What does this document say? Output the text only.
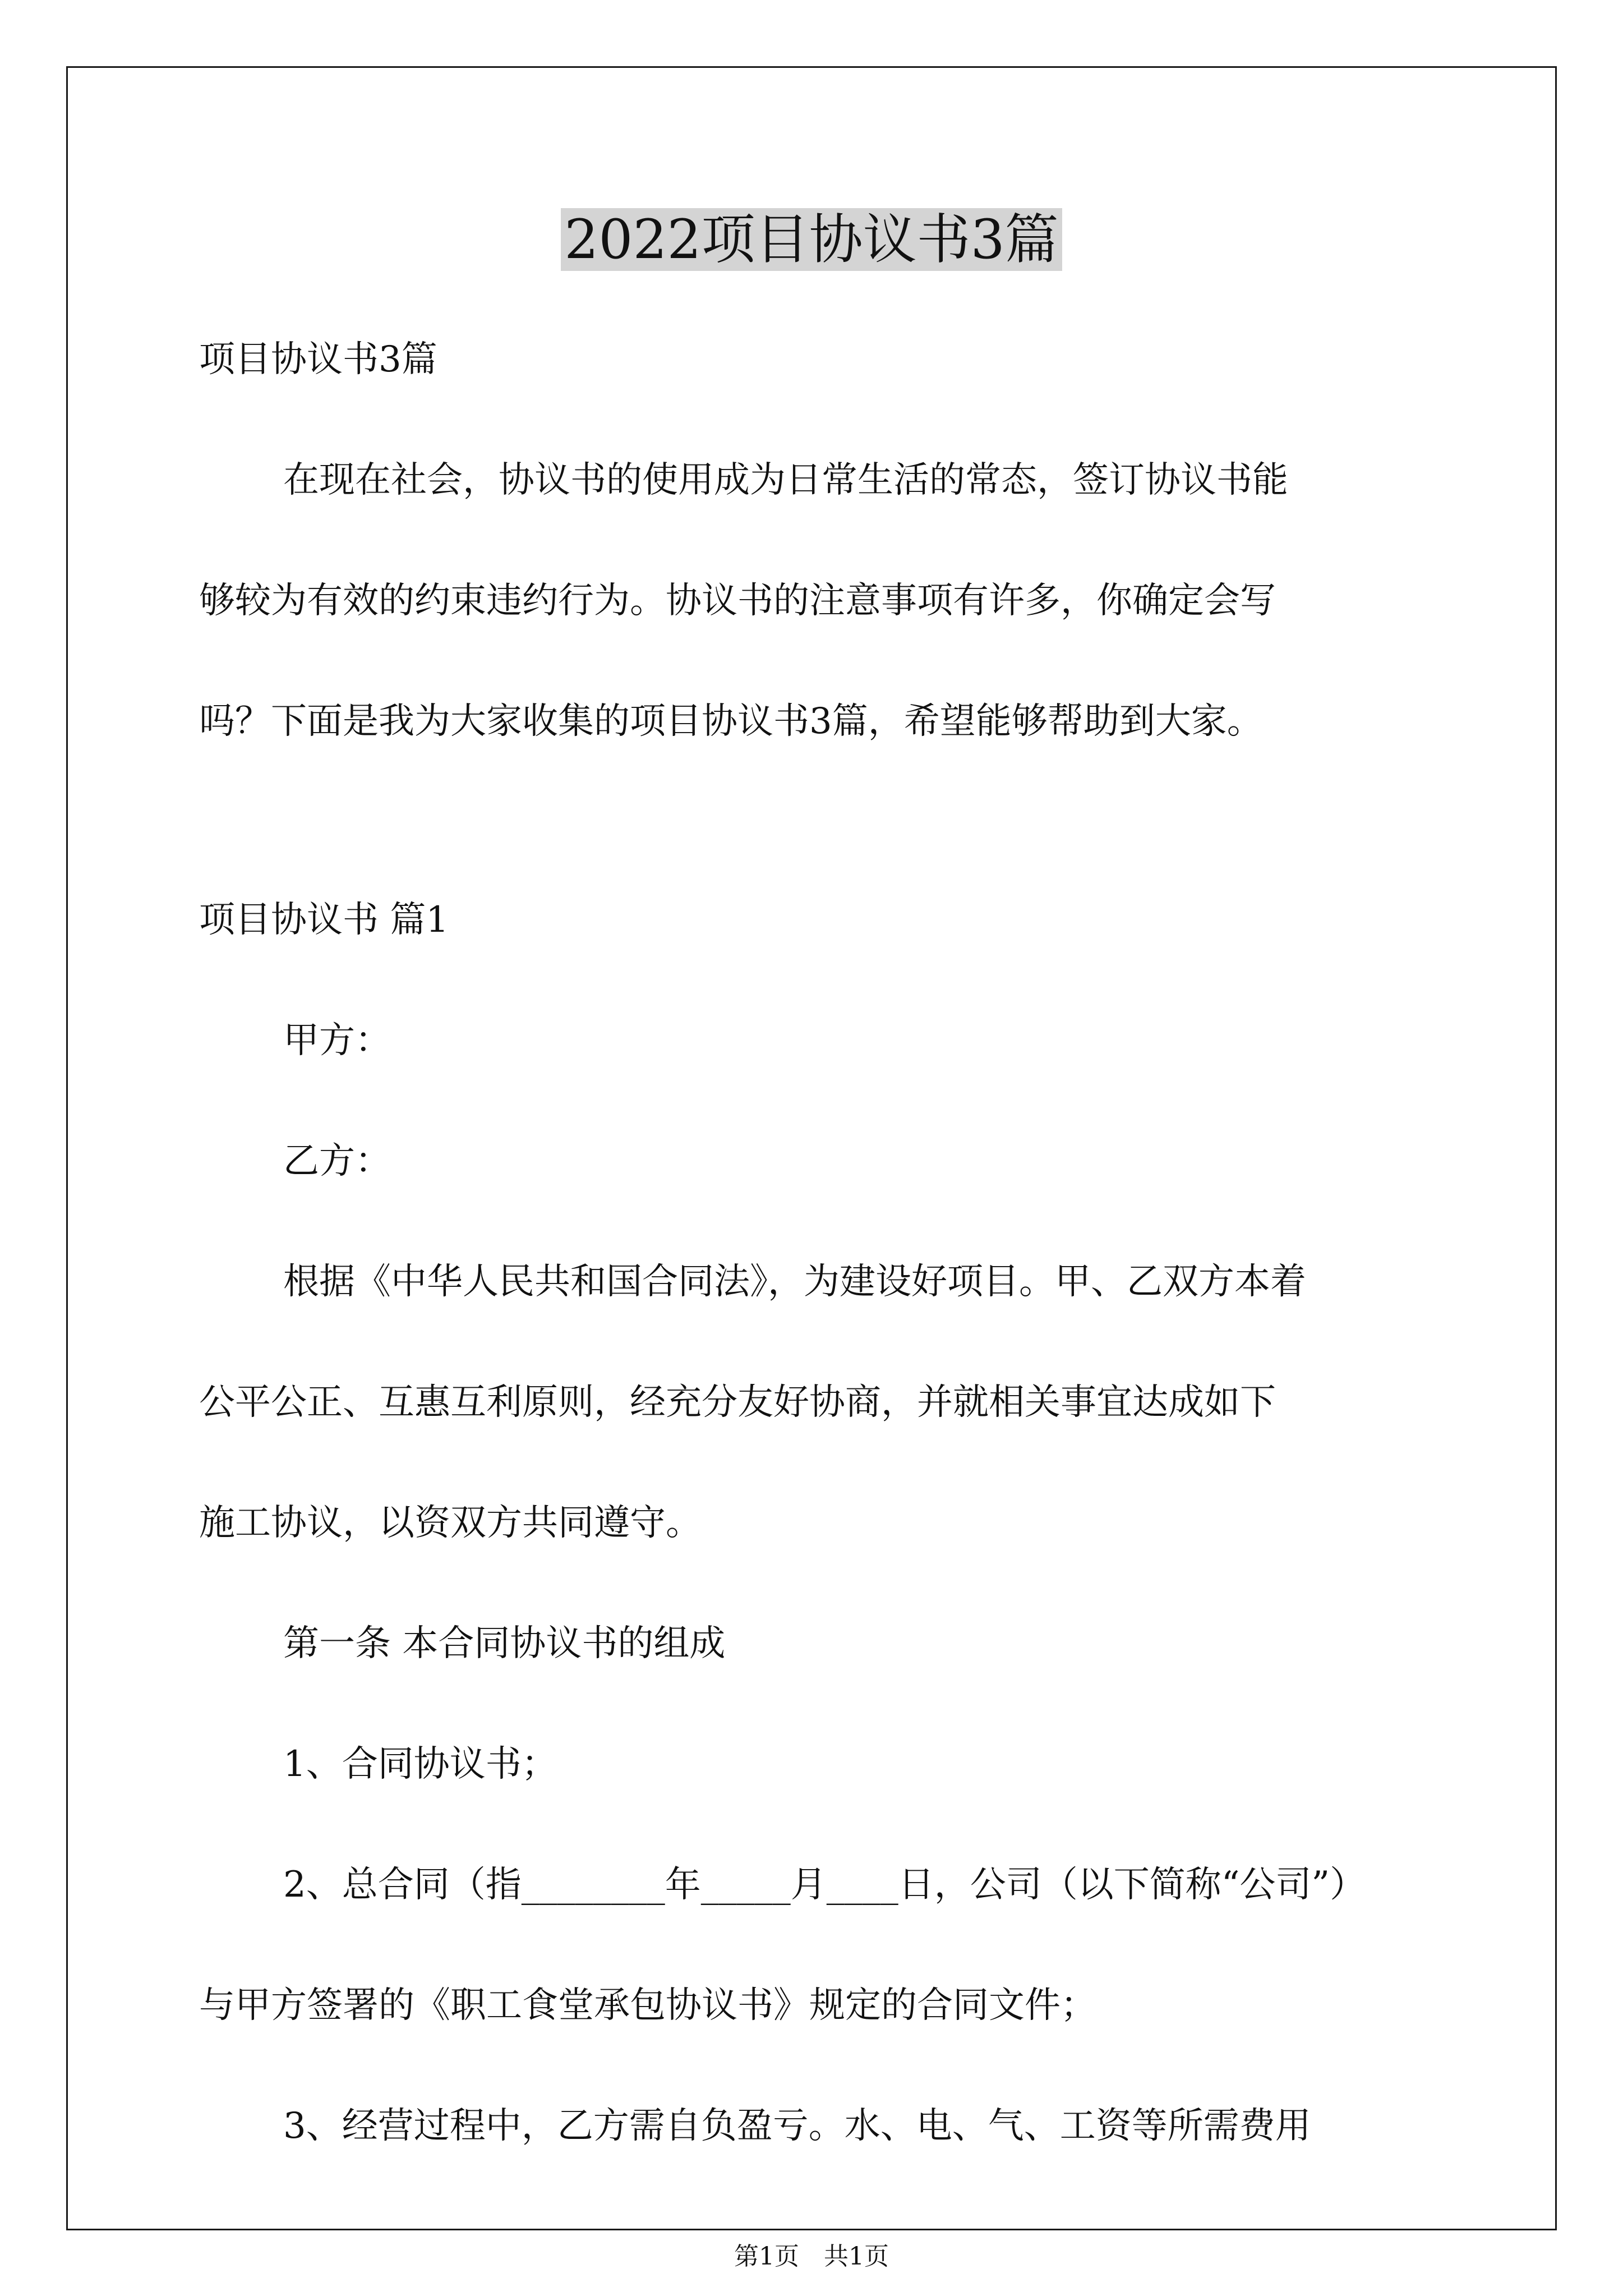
2022项目协议书3篇

项目协议书3篇

在现在社会，协议书的使用成为日常生活的常态，签订协议书能

够较为有效的约束违约行为。协议书的注意事项有许多，你确定会写

吗？下面是我为大家收集的项目协议书3篇，希望能够帮助到大家。

项目协议书 篇1

甲方：

乙方：

根据《中华人民共和国合同法》，为建设好项目。甲、乙双方本着

公平公正、互惠互利原则，经充分友好协商，并就相关事宜达成如下

施工协议，以资双方共同遵守。

第一条 本合同协议书的组成

1、合同协议书；

2、总合同（指________年_____月____日，公司（以下简称“公司”）

与甲方签署的《职工食堂承包协议书》规定的合同文件；

3、经营过程中，乙方需自负盈亏。水、电、气、工资等所需费用

第1页　共1页
